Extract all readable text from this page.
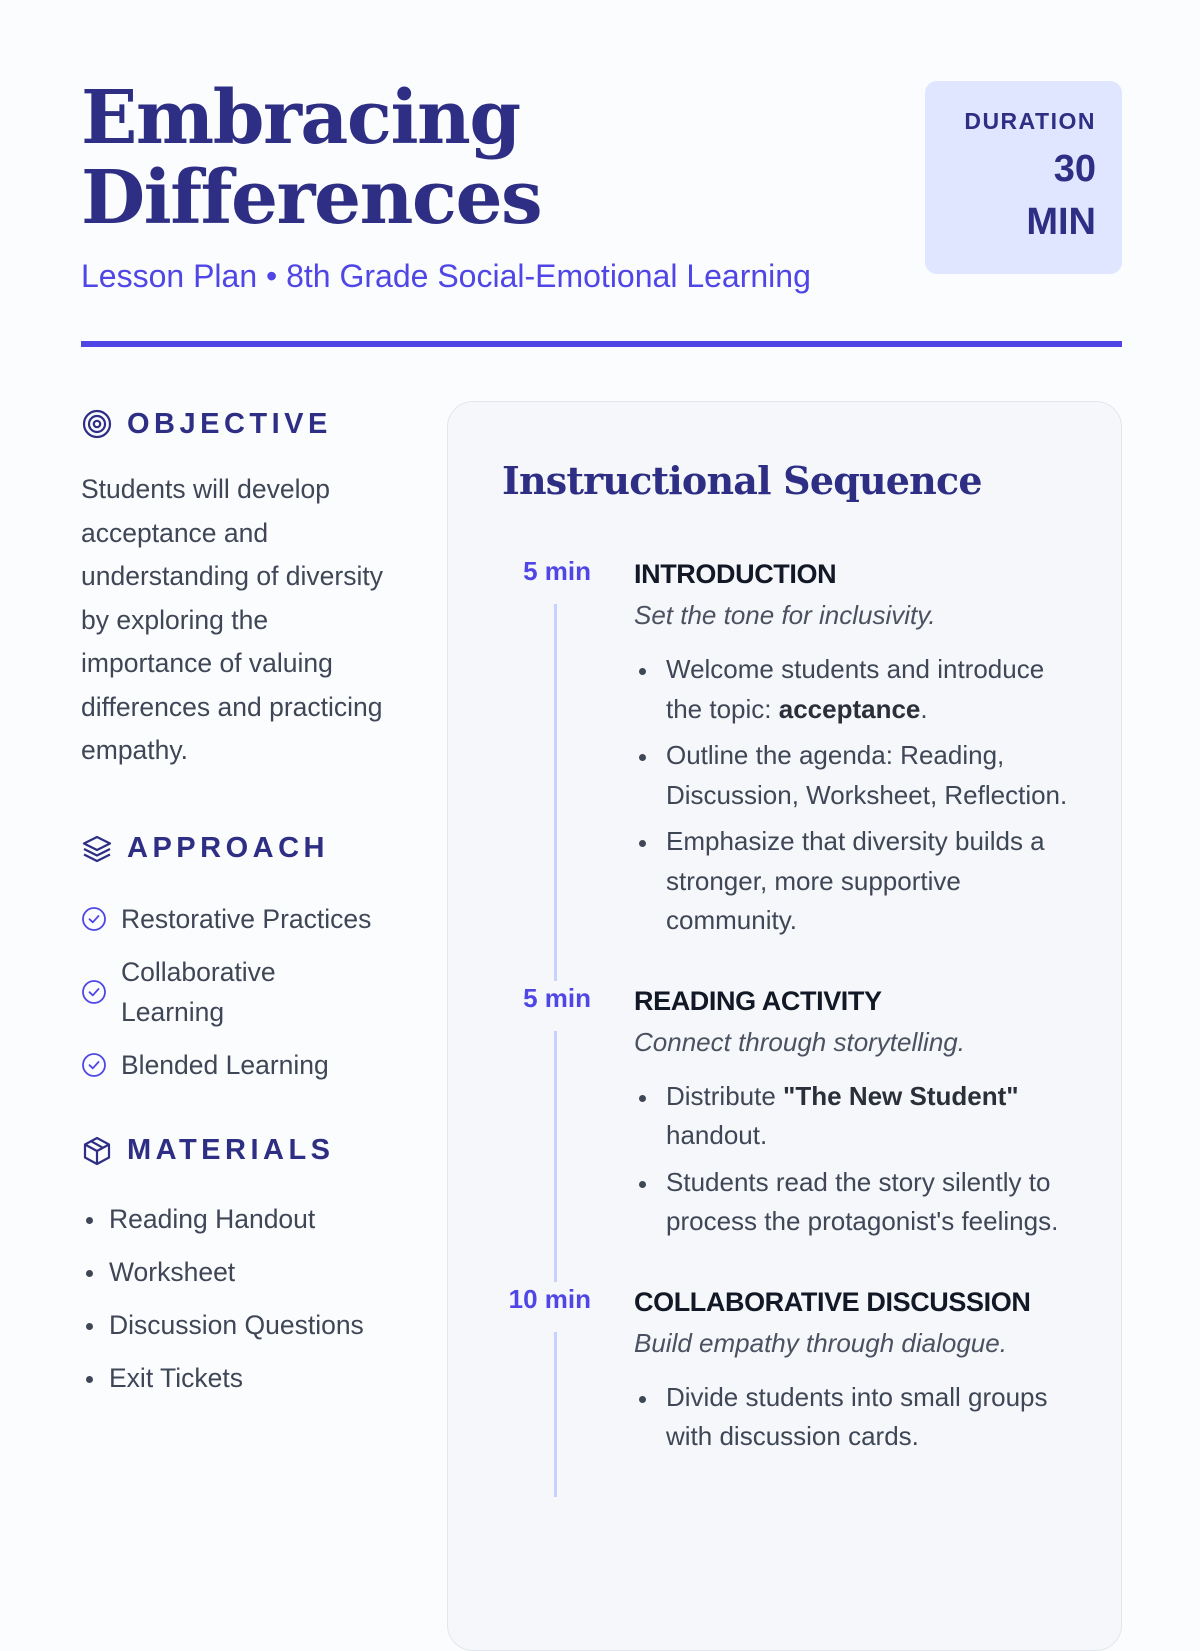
Embracing
Differences
Lesson Plan • 8th Grade Social-Emotional Learning
DURATION
30 MIN
OBJECTIVE
Students will develop acceptance and understanding of diversity by exploring the importance of valuing differences and practicing empathy.
APPROACH
Restorative Practices
Collaborative Learning
Blended Learning
MATERIALS
Reading Handout
Worksheet
Discussion Questions
Exit Tickets
Instructional Sequence
5 min INTRODUCTION
Set the tone for inclusivity.
Welcome students and introduce the topic: acceptance.
Outline the agenda: Reading, Discussion, Worksheet, Reflection.
Emphasize that diversity builds a stronger, more supportive community.
5 min READING ACTIVITY
Connect through storytelling.
Distribute "The New Student" handout.
Students read the story silently to process the protagonist's feelings.
10 min COLLABORATIVE DISCUSSION
Build empathy through dialogue.
Divide students into small groups with discussion cards.
